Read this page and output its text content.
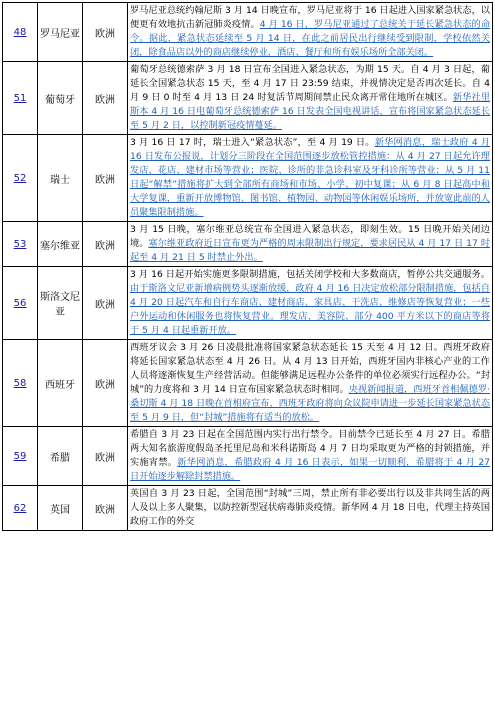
48	罗马尼亚	欧洲	罗马尼亚总统约翰尼斯 3 月 14 日晚宣布，罗马尼亚将于 16 日起进入国家紧急状态，以便更有效地抗击新冠肺炎疫情。4 月 16 日，罗马尼亚通过了总统关于延长紧急状态的命令。据此，紧急状态延续至 5 月 14 日，在此之前居民出行继续受到限制，学校依然关闭，除食品店以外的商店继续停业，酒店、餐厅和所有娱乐场所全部关闭。
51	葡萄牙	欧洲	葡萄牙总统德索萨 3 月 18 日宣布全国进入紧急状态，为期 15 天。自 4 月 3 日起，葡延长全国紧急状态 15 天，至 4 月 17 日 23:59 结束，并视情决定是否再次延长。自 4 月 9 日 0 时至 4 月 13 日 24 时复活节周期间禁止民众离开常住地所在城区。新华社里斯本 4 月 16 日电葡萄牙总统德索萨 16 日发表全国电视讲话，宣布将国家紧急状态延长至 5 月 2 日，以控制新冠疫情蔓延。
52	瑞士	欧洲	3 月 16 日 17 时，瑞士进入“紧急状态”，至 4 月 19 日。新华网消息，瑞士政府 4 月 16 日发布公报说，计划分三阶段在全国范围逐步放松管控措施：从 4 月 27 日起允许理发店、花店、建材市场等营业；医院、诊所的非急诊科室及牙科诊所等营业；从 5 月 11 日起“解禁”措施将扩大到全部所有商场和市场、小学、初中复课；从 6 月 8 日起高中和大学复课，重新开放博物馆、图书馆、植物园、动物园等休闲娱乐场所，并放宽此前的人员聚集限制措施。
53	塞尔维亚	欧洲	3 月 15 日晚，塞尔维亚总统宣布全国进入紧急状态，即刻生效。15 日晚开始关闭边境。塞尔维亚政府近日宣布更为严格的周末限制出行规定，要求居民从 4 月 17 日 17 时起至 4 月 21 日 5 时禁止外出。
56	斯洛文尼亚	欧洲	3 月 16 日起开始实施更多限制措施，包括关闭学校和大多数商店，暂停公共交通服务。由于斯洛文尼亚新增病例势头逐渐放缓，政府 4 月 16 日决定放松部分限制措施，包括自 4 月 20 日起汽车和自行车商店、建材商店、家具店、干洗店、维修店等恢复营业；一些户外运动和休闲服务也将恢复营业。理发店、美容院、部分 400 平方米以下的商店等将于 5 月 4 日起重新开放。
58	西班牙	欧洲	西班牙议会 3 月 26 日凌晨批准将国家紧急状态延长 15 天至 4 月 12 日。西班牙政府将延长国家紧急状态至 4 月 26 日。从 4 月 13 日开始，西班牙国内非核心产业的工作人员将逐渐恢复生产经营活动。但能够满足远程办公条件的单位必须实行远程办公。“封城”的力度将和 3 月 14 日宣布国家紧急状态时相同。央视新闻报道，西班牙首相佩德罗·桑切斯 4 月 18 日晚在首相府宣布，西班牙政府将向众议院申请进一步延长国家紧急状态至 5 月 9 日，但“封城”措施将有适当的放松。
59	希腊	欧洲	希腊自 3 月 23 日起在全国范围内实行出行禁令。目前禁令已延长至 4 月 27 日。希腊两大知名旅游度假岛圣托里尼岛和米科诺斯岛 4 月 7 日均采取更为严格的封锁措施，并实施宵禁。新华网消息，希腊政府 4 月 16 日表示，如果一切顺利，希腊将于 4 月 27 日开始逐步解除封禁措施。
62	英国	欧洲	英国自 3 月 23 日起，全国范围“封城”三周，禁止所有非必要出行以及非共同生活的两人及以上多人聚集，以防控新型冠状病毒肺炎疫情。新华网 4 月 18 日电，代理主持英国政府工作的外交
